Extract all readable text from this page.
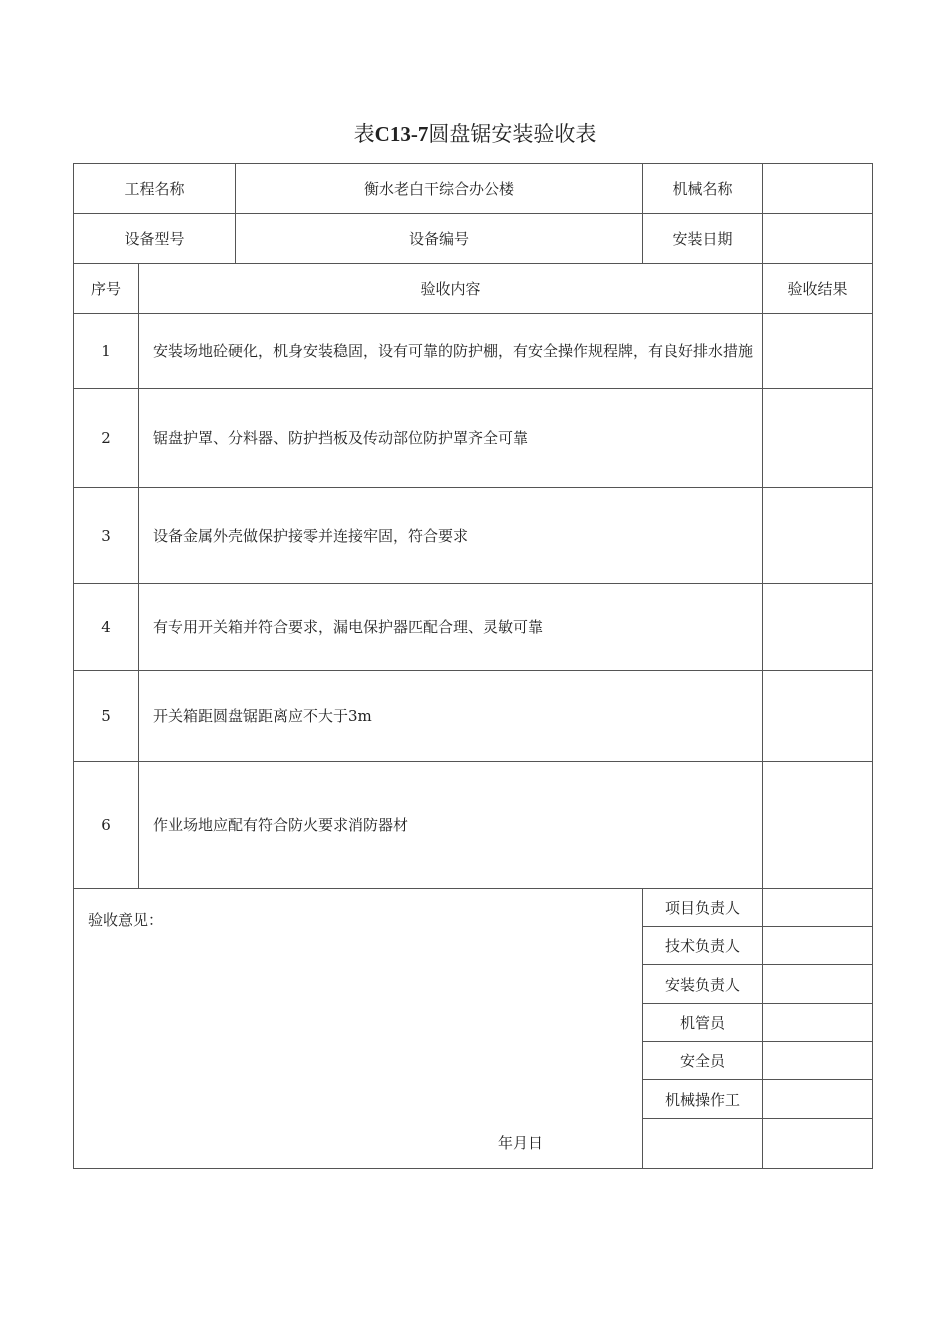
表C13-7圆盘锯安装验收表
工程名称	衡水老白干综合办公楼	机械名称	
设备型号	设备编号	安装日期	
序号	验收内容	验收结果
1	安装场地砼硬化，机身安装稳固，设有可靠的防护棚，有安全操作规程牌，有良好排水措施	
2	锯盘护罩、分料器、防护挡板及传动部位防护罩齐全可靠	
3	设备金属外壳做保护接零并连接牢固，符合要求	
4	有专用开关箱并符合要求，漏电保护器匹配合理、灵敏可靠	
5	开关箱距圆盘锯距离应不大于3m	
6	作业场地应配有符合防火要求消防器材	
验收意见：
年月日	项目负责人	
	技术负责人	
	安装负责人	
	机管员	
	安全员	
	机械操作工	
